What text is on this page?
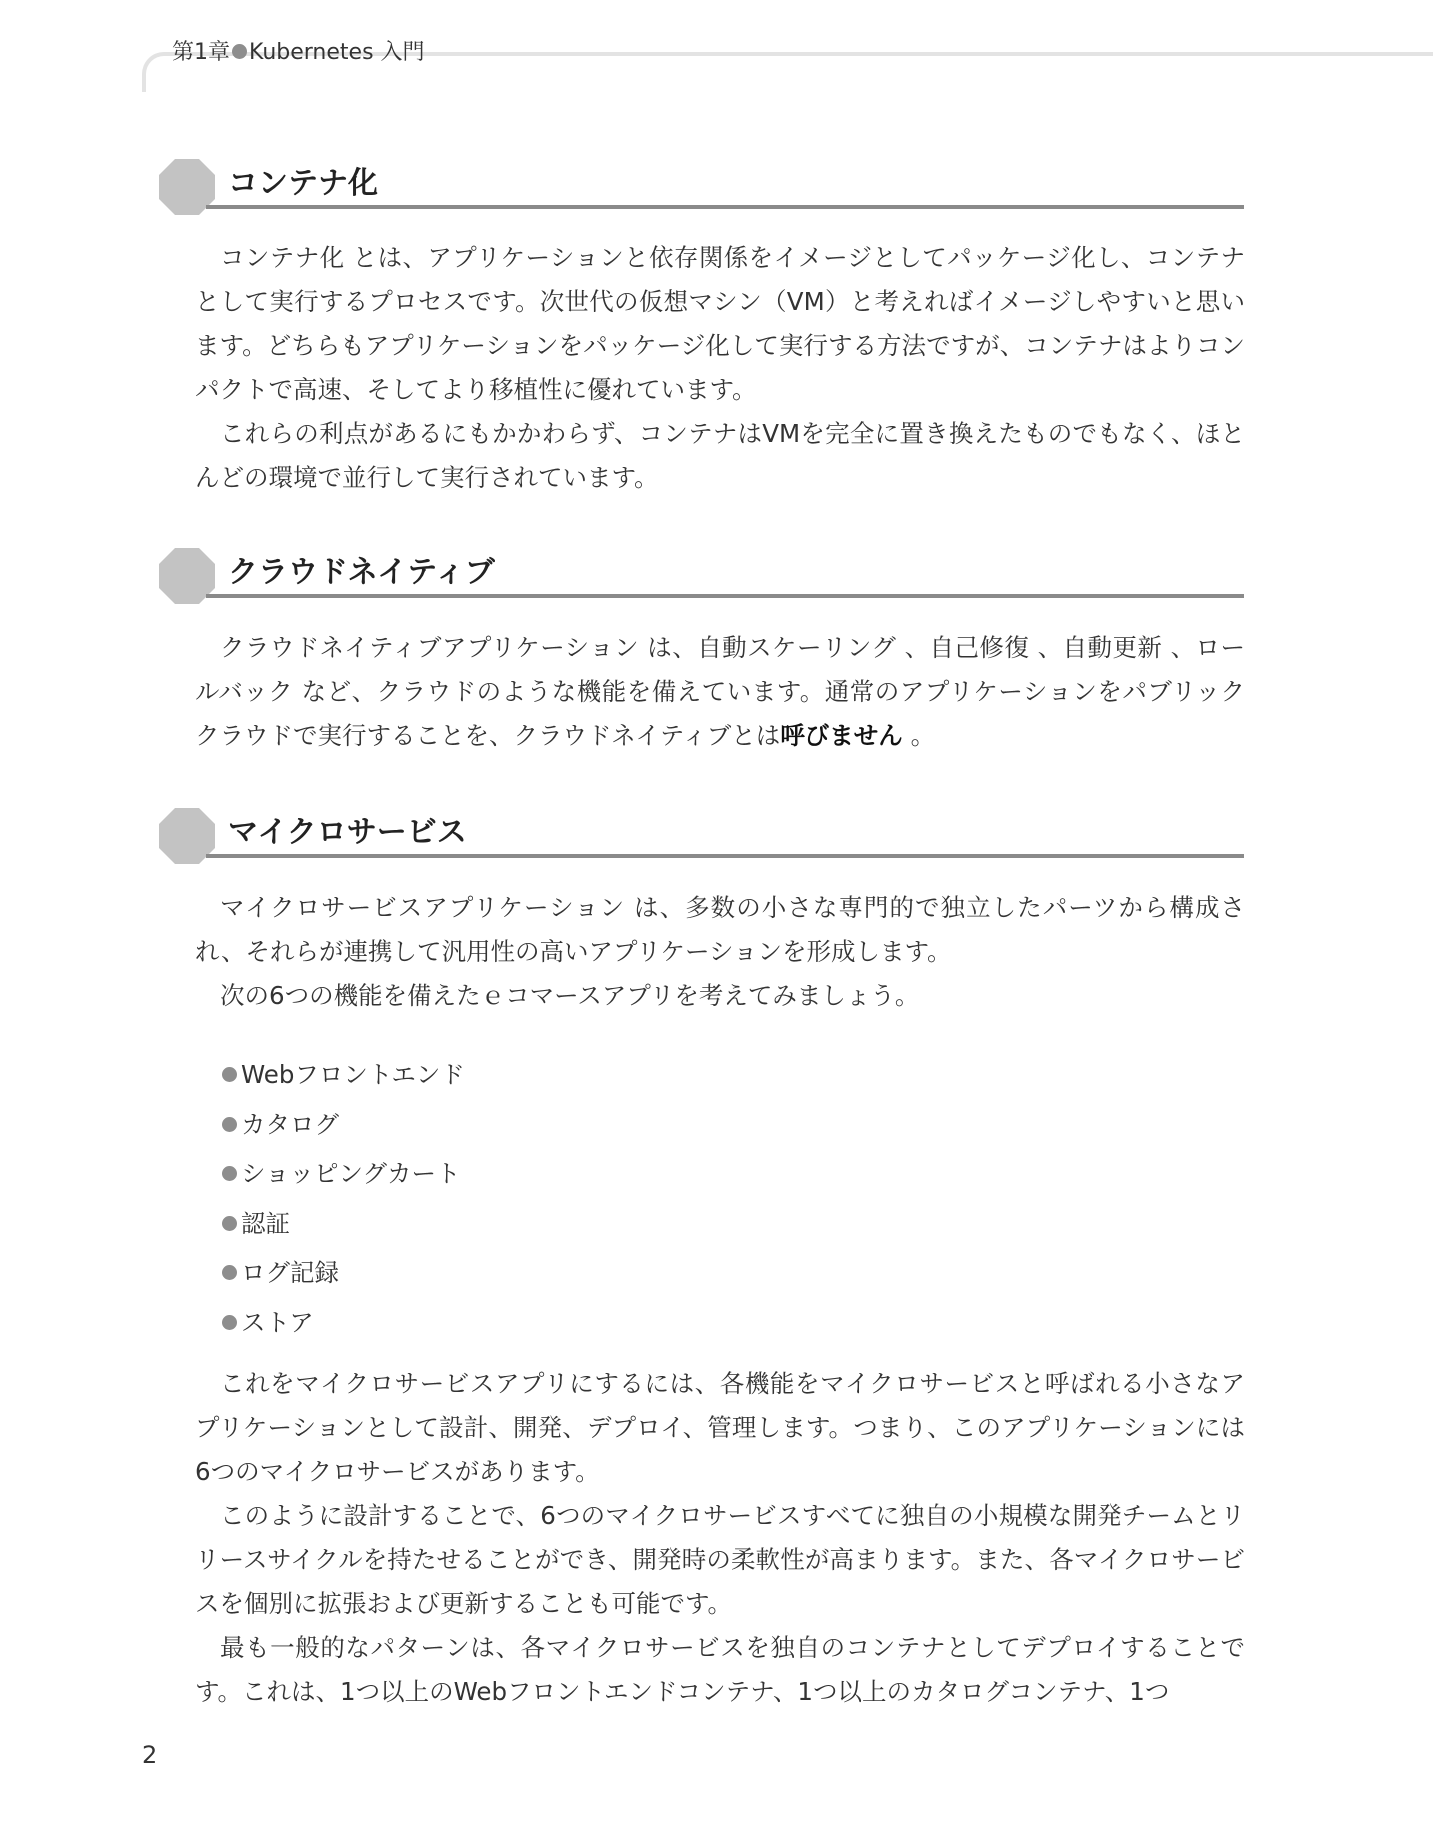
第1章 Kubernetes 入門
コンテナ化

コンテナ化 とは、アプリケーションと依存関係をイメージとしてパッケージ化し、コンテナとして実行するプロセスです。次世代の仮想マシン（VM）と考えればイメージしやすいと思います。どちらもアプリケーションをパッケージ化して実行する方法ですが、コンテナはよりコンパクトで高速、そしてより移植性に優れています。

これらの利点があるにもかかわらず、コンテナはVMを完全に置き換えたものでもなく、ほとんどの環境で並行して実行されています。

クラウドネイティブ

クラウドネイティブアプリケーション は、自動スケーリング 、自己修復 、自動更新 、ロールバック など、クラウドのような機能を備えています。通常のアプリケーションをパブリッククラウドで実行することを、クラウドネイティブとは呼びません 。

マイクロサービス

マイクロサービスアプリケーション は、多数の小さな専門的で独立したパーツから構成され、それらが連携して汎用性の高いアプリケーションを形成します。

次の6つの機能を備えたｅコマースアプリを考えてみましょう。

Webフロントエンド
カタログ
ショッピングカート
認証
ログ記録
ストア

これをマイクロサービスアプリにするには、各機能をマイクロサービスと呼ばれる小さなアプリケーションとして設計、開発、デプロイ、管理します。つまり、このアプリケーションには6つのマイクロサービスがあります。

このように設計することで、6つのマイクロサービスすべてに独自の小規模な開発チームとリリースサイクルを持たせることができ、開発時の柔軟性が高まります。また、各マイクロサービスを個別に拡張および更新することも可能です。

最も一般的なパターンは、各マイクロサービスを独自のコンテナとしてデプロイすることです。これは、1つ以上のWebフロントエンドコンテナ、1つ以上のカタログコンテナ、1つ

2
